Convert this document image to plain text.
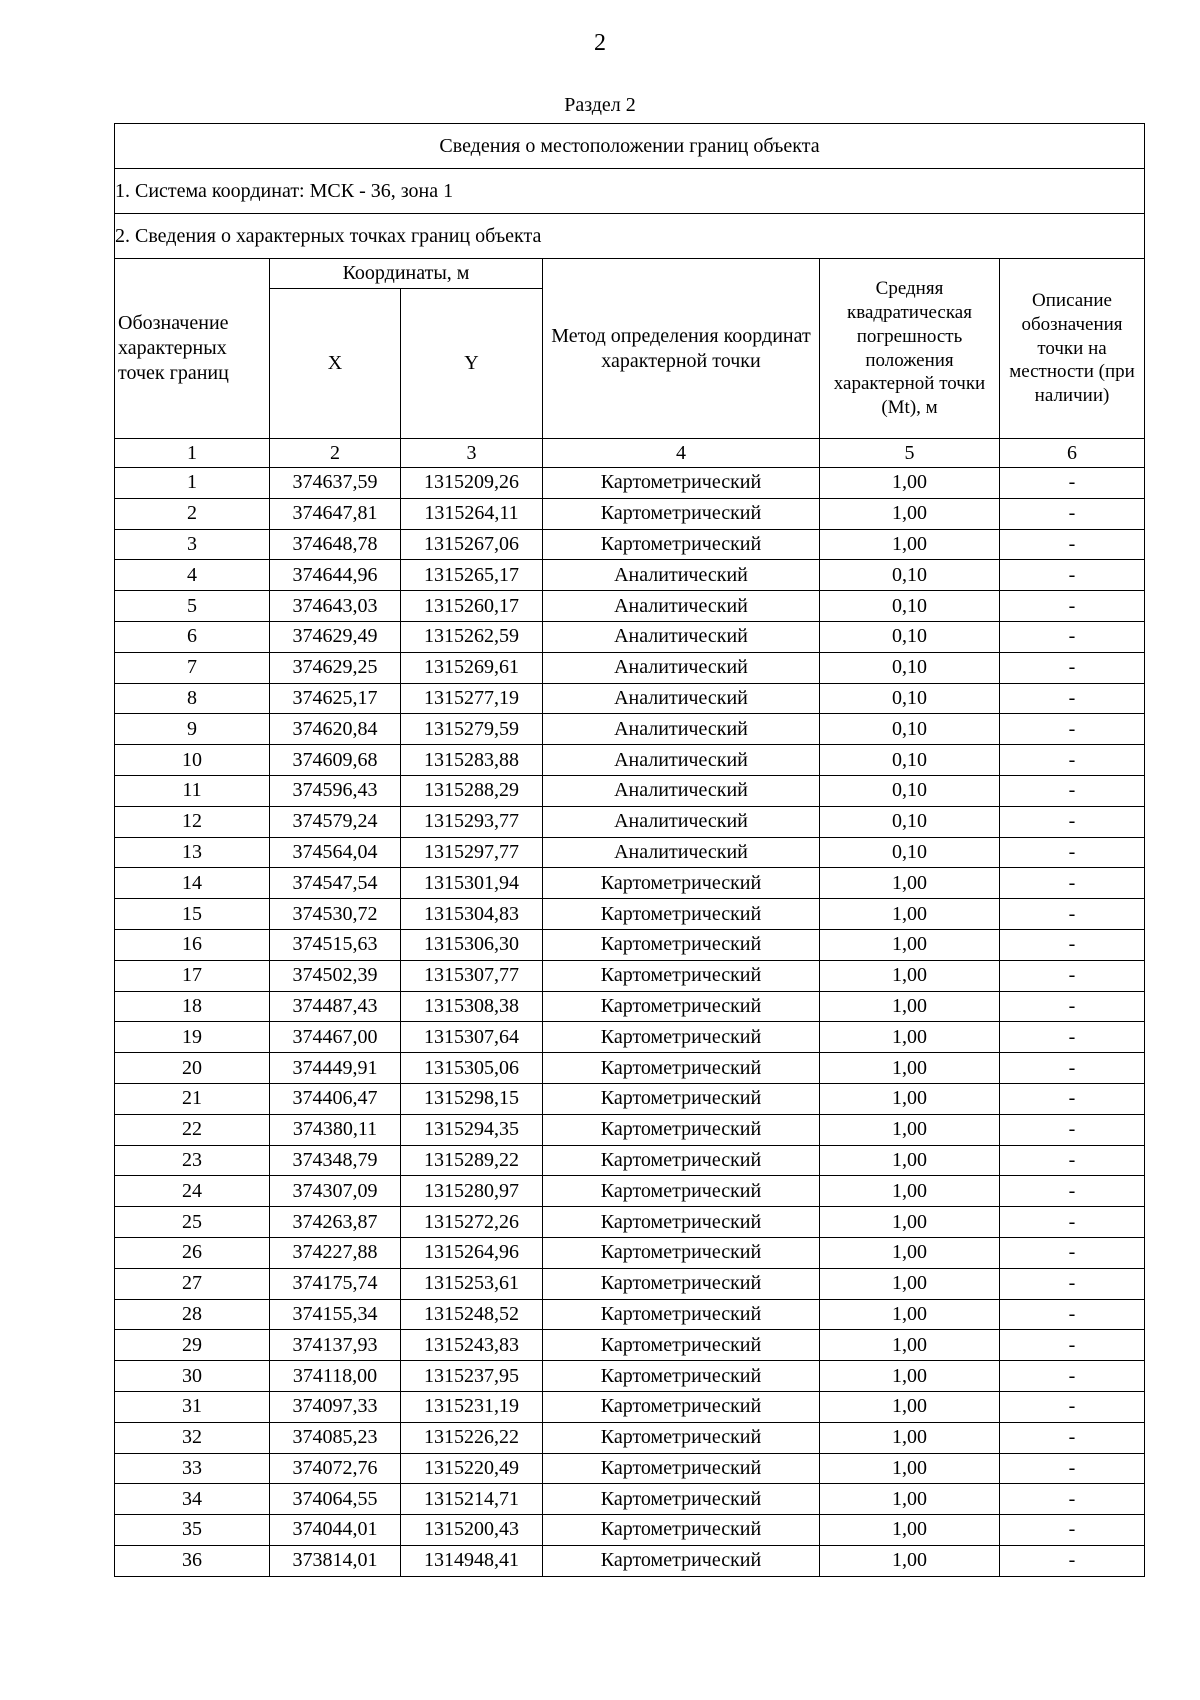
2
Раздел 2
Сведения о местоположении границ объекта					
1. Система координат: МСК - 36, зона 1					
2. Сведения о характерных точках границ объекта					
Обозначение характерных точек границ	Координаты, м		Метод определения координат характерной точки	Средняя квадратическая погрешность положения характерной точки (Mt), м	Описание обозначения точки на местности (при наличии)
	X	Y			
1	2	3	4	5	6
1	374637,59	1315209,26	Картометрический	1,00	-
2	374647,81	1315264,11	Картометрический	1,00	-
3	374648,78	1315267,06	Картометрический	1,00	-
4	374644,96	1315265,17	Аналитический	0,10	-
5	374643,03	1315260,17	Аналитический	0,10	-
6	374629,49	1315262,59	Аналитический	0,10	-
7	374629,25	1315269,61	Аналитический	0,10	-
8	374625,17	1315277,19	Аналитический	0,10	-
9	374620,84	1315279,59	Аналитический	0,10	-
10	374609,68	1315283,88	Аналитический	0,10	-
11	374596,43	1315288,29	Аналитический	0,10	-
12	374579,24	1315293,77	Аналитический	0,10	-
13	374564,04	1315297,77	Аналитический	0,10	-
14	374547,54	1315301,94	Картометрический	1,00	-
15	374530,72	1315304,83	Картометрический	1,00	-
16	374515,63	1315306,30	Картометрический	1,00	-
17	374502,39	1315307,77	Картометрический	1,00	-
18	374487,43	1315308,38	Картометрический	1,00	-
19	374467,00	1315307,64	Картометрический	1,00	-
20	374449,91	1315305,06	Картометрический	1,00	-
21	374406,47	1315298,15	Картометрический	1,00	-
22	374380,11	1315294,35	Картометрический	1,00	-
23	374348,79	1315289,22	Картометрический	1,00	-
24	374307,09	1315280,97	Картометрический	1,00	-
25	374263,87	1315272,26	Картометрический	1,00	-
26	374227,88	1315264,96	Картометрический	1,00	-
27	374175,74	1315253,61	Картометрический	1,00	-
28	374155,34	1315248,52	Картометрический	1,00	-
29	374137,93	1315243,83	Картометрический	1,00	-
30	374118,00	1315237,95	Картометрический	1,00	-
31	374097,33	1315231,19	Картометрический	1,00	-
32	374085,23	1315226,22	Картометрический	1,00	-
33	374072,76	1315220,49	Картометрический	1,00	-
34	374064,55	1315214,71	Картометрический	1,00	-
35	374044,01	1315200,43	Картометрический	1,00	-
36	373814,01	1314948,41	Картометрический	1,00	-
